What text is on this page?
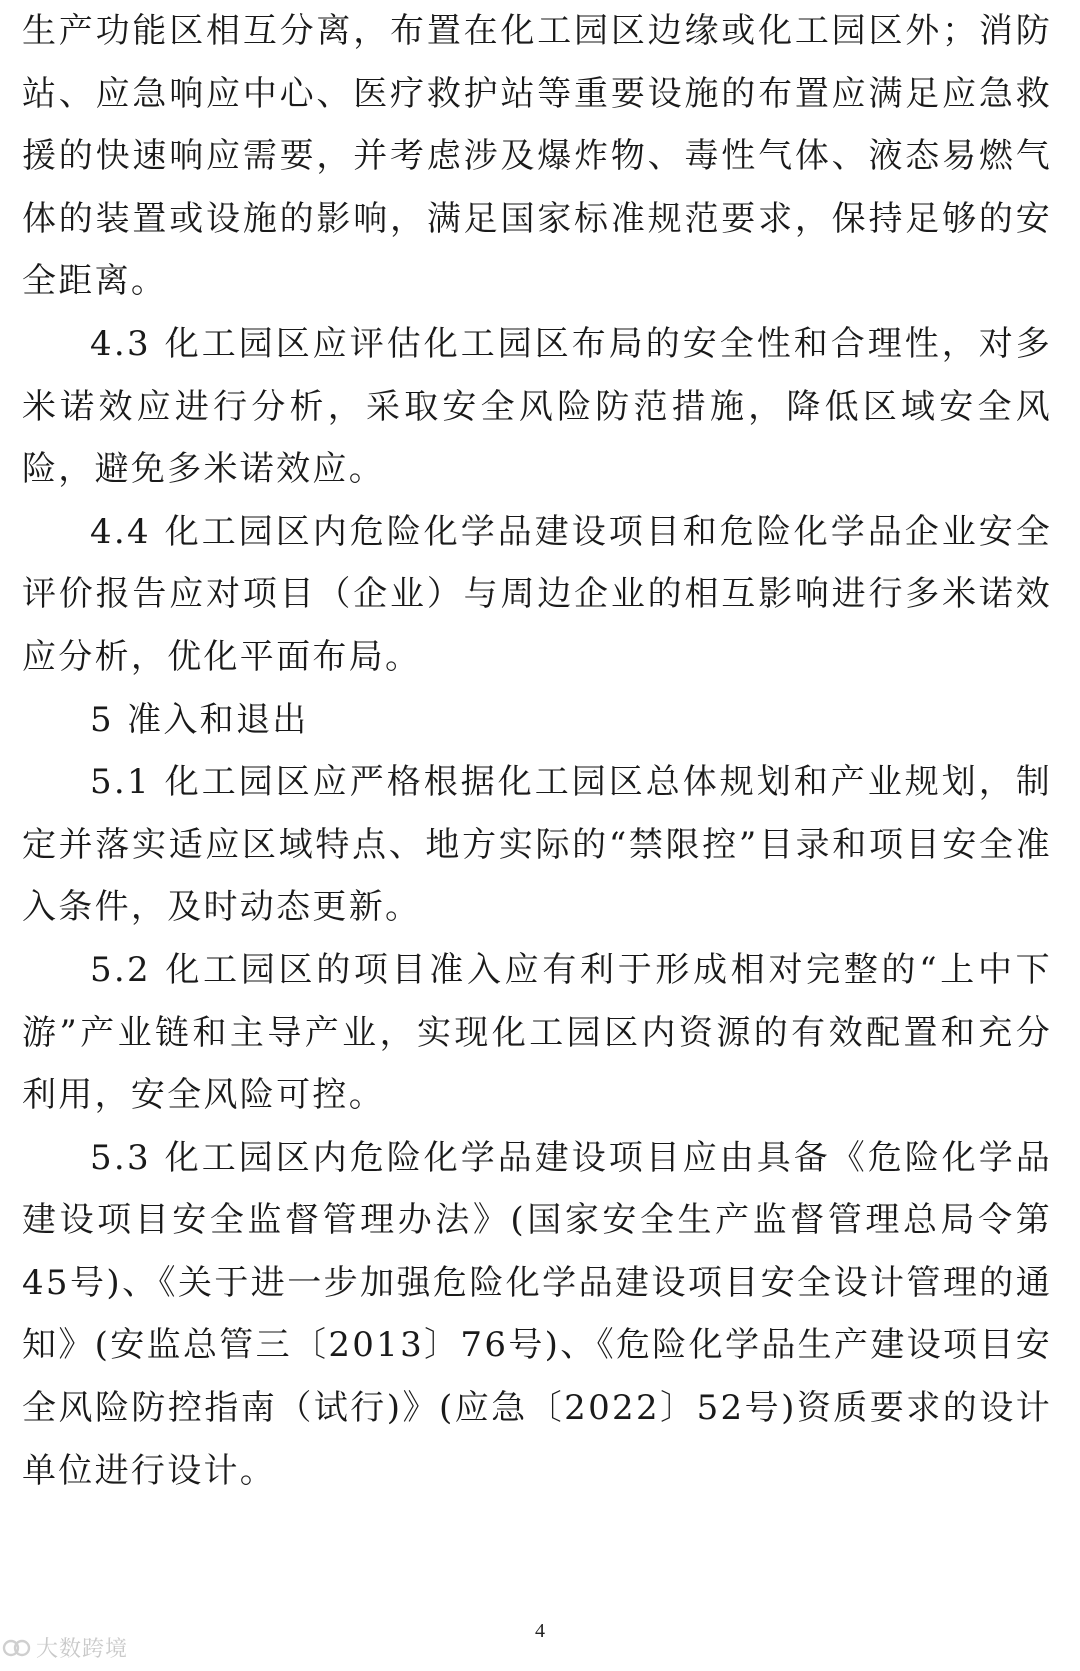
生产功能区相互分离，布置在化工园区边缘或化工园区外；消防站、应急响应中心、医疗救护站等重要设施的布置应满足应急救援的快速响应需要，并考虑涉及爆炸物、毒性气体、液态易燃气体的装置或设施的影响，满足国家标准规范要求，保持足够的安全距离。

4.3 化工园区应评估化工园区布局的安全性和合理性，对多米诺效应进行分析，采取安全风险防范措施，降低区域安全风险，避免多米诺效应。

4.4 化工园区内危险化学品建设项目和危险化学品企业安全评价报告应对项目（企业）与周边企业的相互影响进行多米诺效应分析，优化平面布局。

5 准入和退出

5.1 化工园区应严格根据化工园区总体规划和产业规划，制定并落实适应区域特点、地方实际的“禁限控”目录和项目安全准入条件，及时动态更新。

5.2 化工园区的项目准入应有利于形成相对完整的“上中下游”产业链和主导产业，实现化工园区内资源的有效配置和充分利用，安全风险可控。

5.3 化工园区内危险化学品建设项目应由具备《危险化学品建设项目安全监督管理办法》(国家安全生产监督管理总局令第45号)、《关于进一步加强危险化学品建设项目安全设计管理的通知》(安监总管三〔2013〕76号)、《危险化学品生产建设项目安全风险防控指南（试行)》(应急〔2022〕52号)资质要求的设计单位进行设计。

4
大数跨境
